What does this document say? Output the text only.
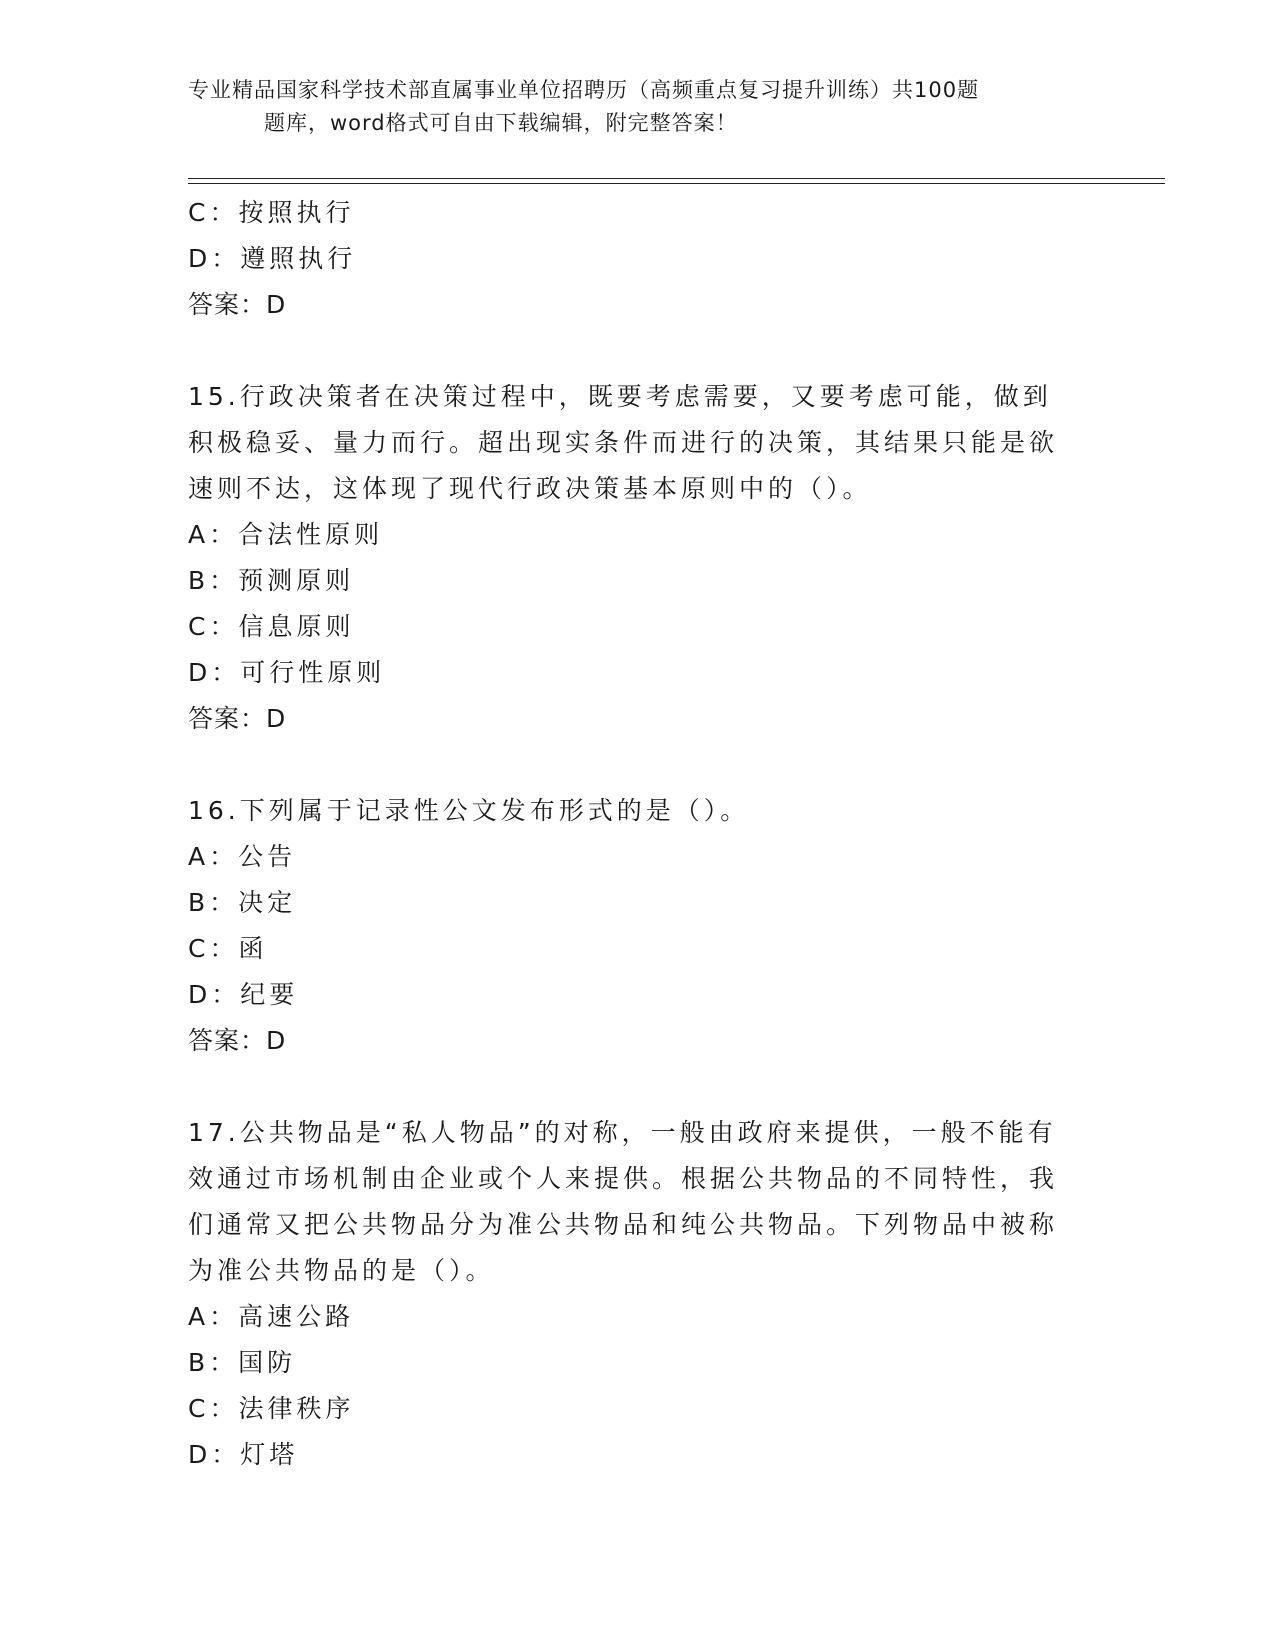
专业精品国家科学技术部直属事业单位招聘历（高频重点复习提升训练）共100题
题库，word格式可自由下载编辑，附完整答案！
C：按照执行
D：遵照执行
答案：D
15.行政决策者在决策过程中，既要考虑需要，又要考虑可能，做到积极稳妥、量力而行。超出现实条件而进行的决策，其结果只能是欲速则不达，这体现了现代行政决策基本原则中的（）。
A：合法性原则
B：预测原则
C：信息原则
D：可行性原则
答案：D
16.下列属于记录性公文发布形式的是（）。
A：公告
B：决定
C：函
D：纪要
答案：D
17.公共物品是“私人物品”的对称，一般由政府来提供，一般不能有效通过市场机制由企业或个人来提供。根据公共物品的不同特性，我们通常又把公共物品分为准公共物品和纯公共物品。下列物品中被称为准公共物品的是（）。
A：高速公路
B：国防
C：法律秩序
D：灯塔
